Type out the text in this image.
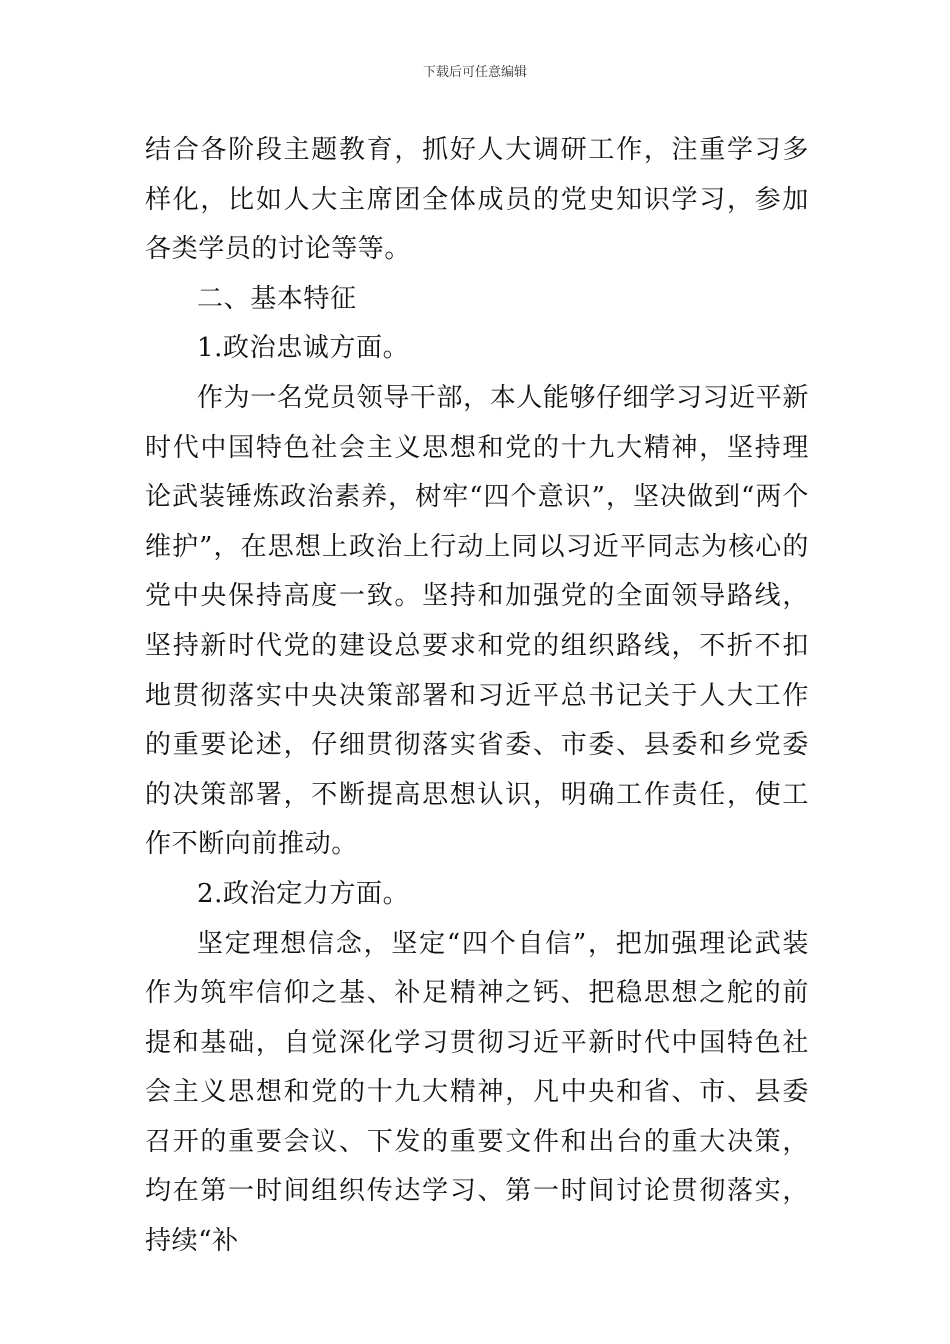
下载后可任意编辑

结合各阶段主题教育，抓好人大调研工作，注重学习多样化，比如人大主席团全体成员的党史知识学习，参加各类学员的讨论等等。

二、基本特征

1.政治忠诚方面。

作为一名党员领导干部，本人能够仔细学习习近平新时代中国特色社会主义思想和党的十九大精神，坚持理论武装锤炼政治素养，树牢“四个意识”，坚决做到“两个维护”，在思想上政治上行动上同以习近平同志为核心的党中央保持高度一致。坚持和加强党的全面领导路线，坚持新时代党的建设总要求和党的组织路线，不折不扣地贯彻落实中央决策部署和习近平总书记关于人大工作的重要论述，仔细贯彻落实省委、市委、县委和乡党委的决策部署，不断提高思想认识，明确工作责任，使工作不断向前推动。

2.政治定力方面。

坚定理想信念，坚定“四个自信”，把加强理论武装作为筑牢信仰之基、补足精神之钙、把稳思想之舵的前提和基础，自觉深化学习贯彻习近平新时代中国特色社会主义思想和党的十九大精神，凡中央和省、市、县委召开的重要会议、下发的重要文件和出台的重大决策，均在第一时间组织传达学习、第一时间讨论贯彻落实，持续“补
